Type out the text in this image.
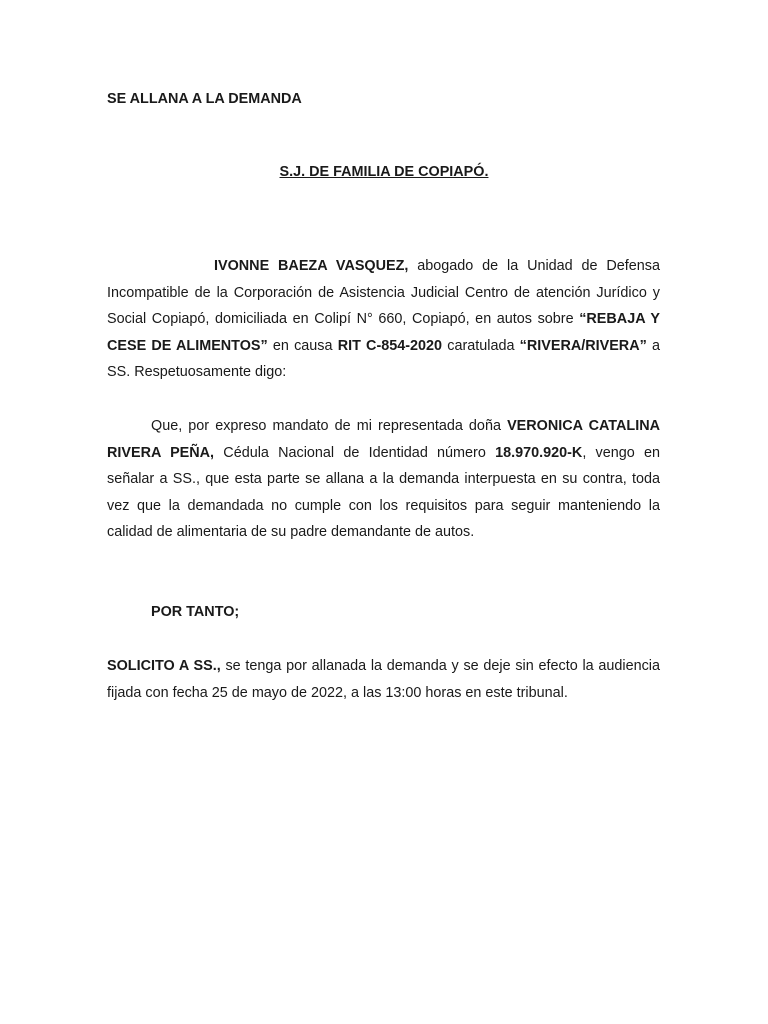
SE ALLANA A LA DEMANDA

S.J. DE FAMILIA DE COPIAPÓ.

IVONNE BAEZA VASQUEZ, abogado de la Unidad de Defensa Incompatible de la Corporación de Asistencia Judicial Centro de atención Jurídico y Social Copiapó, domiciliada en Colipí N° 660, Copiapó, en autos sobre “REBAJA Y CESE DE ALIMENTOS” en causa RIT C-854-2020 caratulada “RIVERA/RIVERA” a SS. Respetuosamente digo:

Que, por expreso mandato de mi representada doña VERONICA CATALINA RIVERA PEÑA, Cédula Nacional de Identidad número 18.970.920-K, vengo en señalar a SS., que esta parte se allana a la demanda interpuesta en su contra, toda vez que la demandada no cumple con los requisitos para seguir manteniendo la calidad de alimentaria de su padre demandante de autos.

POR TANTO;

SOLICITO A SS., se tenga por allanada la demanda y se deje sin efecto la audiencia fijada con fecha 25 de mayo de 2022, a las 13:00 horas en este tribunal.
